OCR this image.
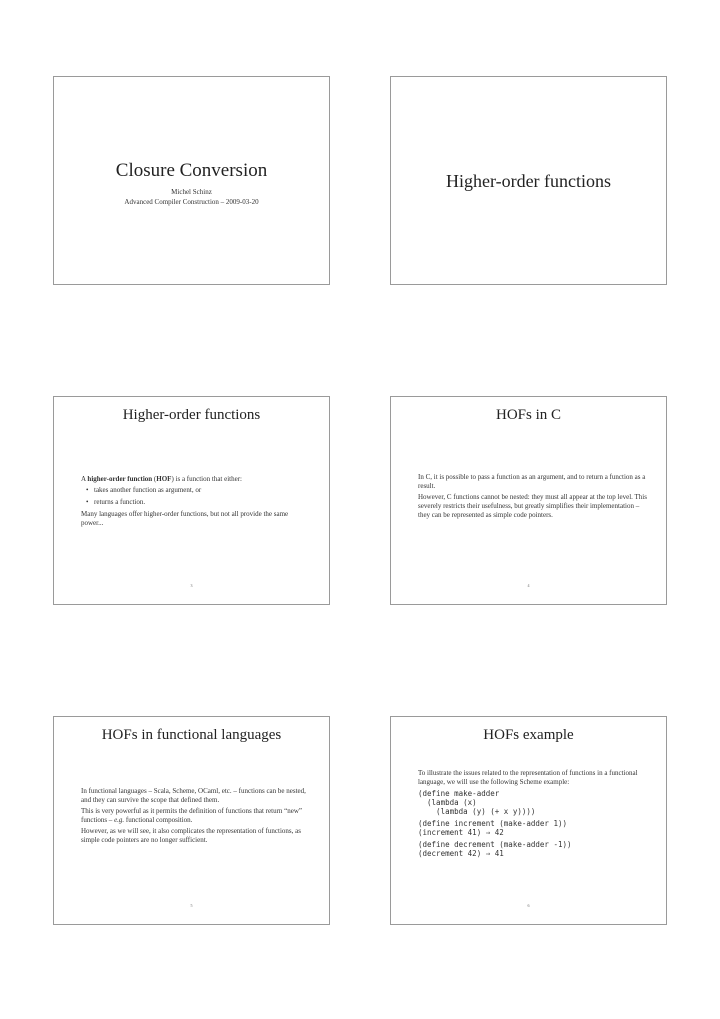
Closure Conversion
Michel Schinz
Advanced Compiler Construction – 2009-03-20
Higher-order functions
Higher-order functions

A higher-order function (HOF) is a function that either:

• takes another function as argument, or
• returns a function.

Many languages offer higher-order functions, but not all provide the same power...

3
HOFs in C

In C, it is possible to pass a function as an argument, and to return a function as a result.

However, C functions cannot be nested: they must all appear at the top level. This severely restricts their usefulness, but greatly simplifies their implementation – they can be represented as simple code pointers.

4
HOFs in functional languages

In functional languages – Scala, Scheme, OCaml, etc. – functions can be nested, and they can survive the scope that defined them.

This is very powerful as it permits the definition of functions that return “new” functions – e.g. functional composition.

However, as we will see, it also complicates the representation of functions, as simple code pointers are no longer sufficient.

5
HOFs example

To illustrate the issues related to the representation of functions in a functional language, we will use the following Scheme example:

(define make-adder
(lambda (x)
(lambda (y) (+ x y))))
(define increment (make-adder 1))
(increment 41) ⇒ 42
(define decrement (make-adder -1))
(decrement 42) ⇒ 41
6
